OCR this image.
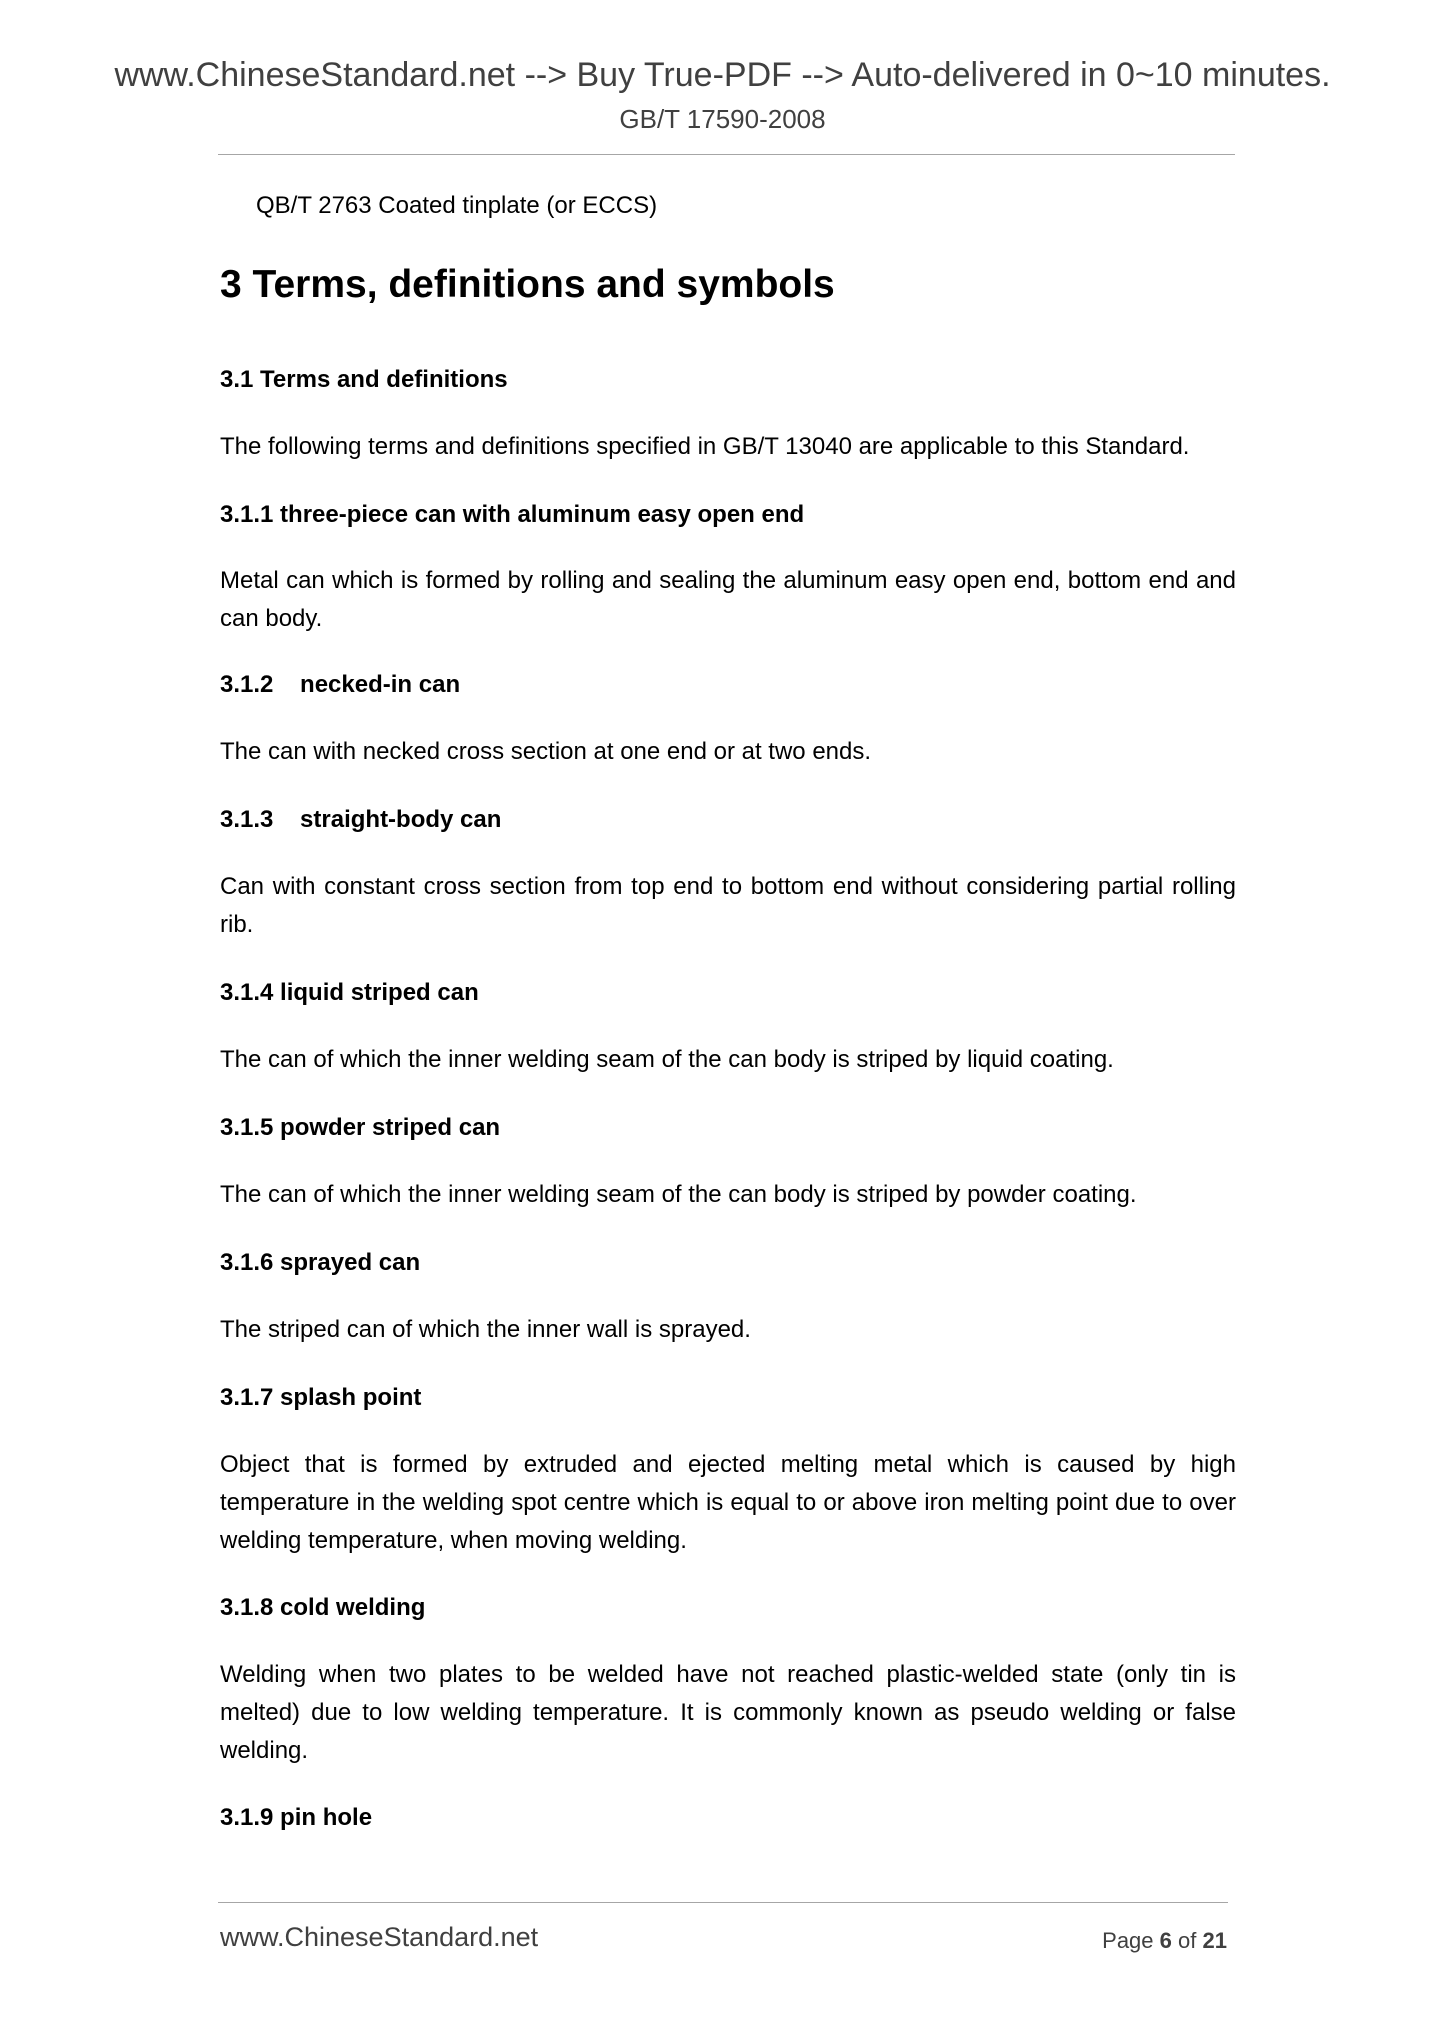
www.ChineseStandard.net --> Buy True-PDF --> Auto-delivered in 0~10 minutes.
GB/T 17590-2008

QB/T 2763 Coated tinplate (or ECCS)

3 Terms, definitions and symbols
3.1 Terms and definitions

The following terms and definitions specified in GB/T 13040 are applicable to this Standard.

3.1.1 three-piece can with aluminum easy open end

Metal can which is formed by rolling and sealing the aluminum easy open end, bottom end and can body.

3.1.2    necked-in can

The can with necked cross section at one end or at two ends.

3.1.3    straight-body can

Can with constant cross section from top end to bottom end without considering partial rolling rib.

3.1.4 liquid striped can

The can of which the inner welding seam of the can body is striped by liquid coating.

3.1.5 powder striped can

The can of which the inner welding seam of the can body is striped by powder coating.

3.1.6 sprayed can

The striped can of which the inner wall is sprayed.

3.1.7 splash point

Object that is formed by extruded and ejected melting metal which is caused by high temperature in the welding spot centre which is equal to or above iron melting point due to over welding temperature, when moving welding.

3.1.8 cold welding

Welding when two plates to be welded have not reached plastic-welded state (only tin is melted) due to low welding temperature. It is commonly known as pseudo welding or false welding.

3.1.9 pin hole
www.ChineseStandard.net	Page 6 of 21
